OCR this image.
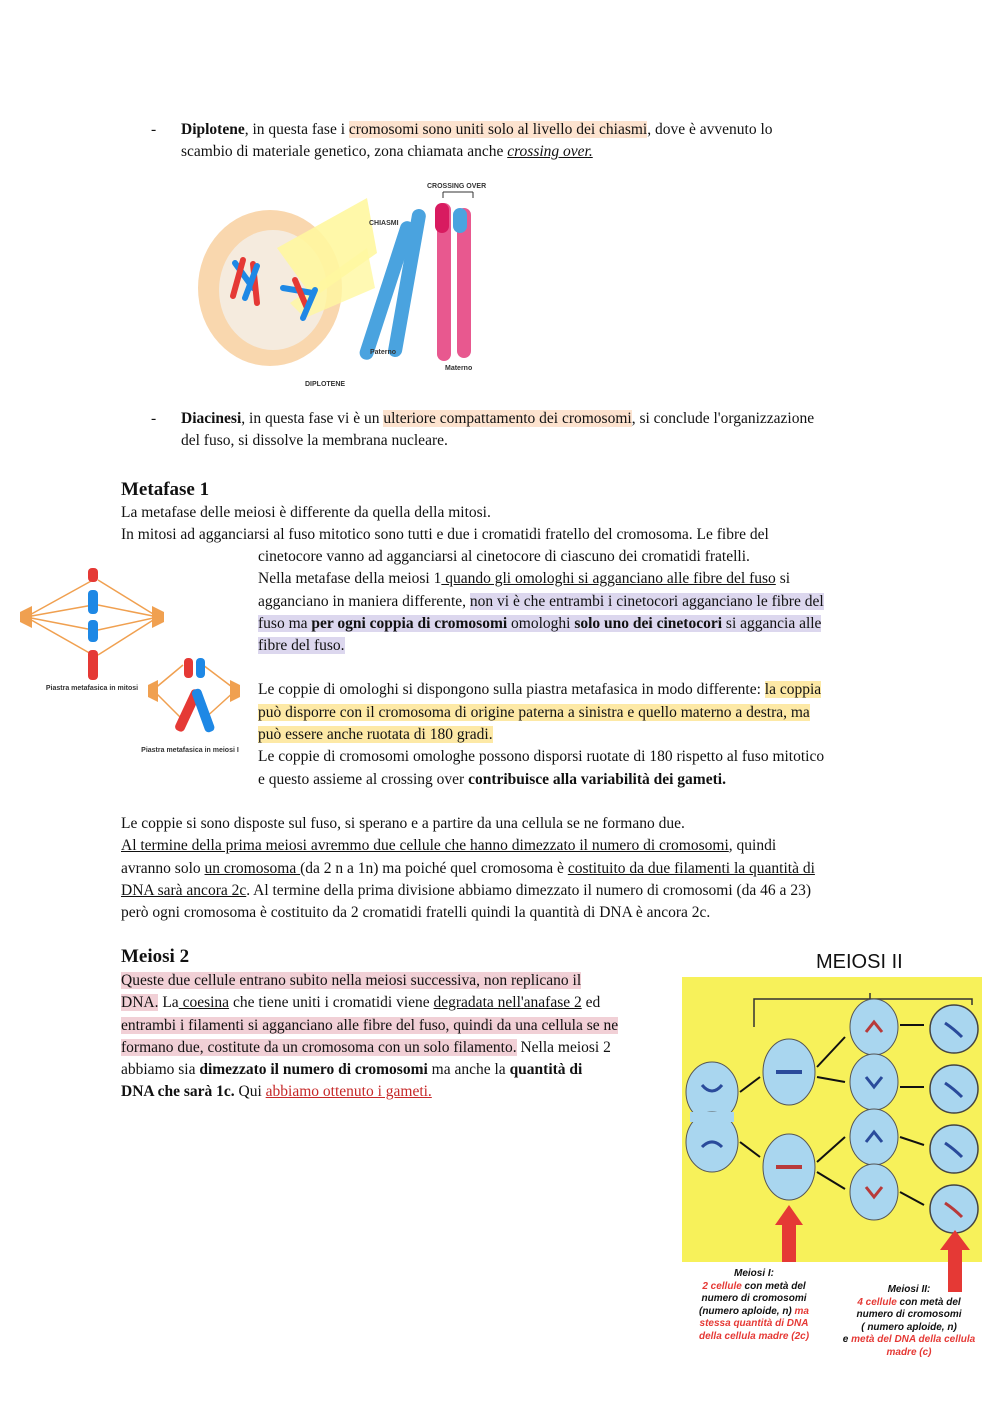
- Diplotene, in questa fase i cromosomi sono uniti solo al livello dei chiasmi, dove è avvenuto lo
scambio di materiale genetico, zona chiamata anche crossing over.
DIPLOTENE
CROSSING OVER
CHIASMI
Paterno
Materno
- Diacinesi, in questa fase vi è un ulteriore compattamento dei cromosomi, si conclude l'organizzazione
del fuso, si dissolve la membrana nucleare.
Metafase 1
La metafase delle meiosi è differente da quella della mitosi.
In mitosi ad agganciarsi al fuso mitotico sono tutti e due i cromatidi fratello del cromosoma. Le fibre del
cinetocore vanno ad agganciarsi al cinetocore di ciascuno dei cromatidi fratelli.
Nella metafase della meiosi 1 quando gli omologhi si agganciano alle fibre del fuso si
agganciano in maniera differente, non vi è che entrambi i cinetocori agganciano le fibre del
fuso ma per ogni coppia di cromosomi omologhi solo uno dei cinetocori si aggancia alle
fibre del fuso.
Le coppie di omologhi si dispongono sulla piastra metafasica in modo differente: la coppia
può disporre con il cromosoma di origine paterna a sinistra e quello materno a destra, ma
può essere anche ruotata di 180 gradi.
Le coppie di cromosomi omologhe possono disporsi ruotate di 180 rispetto al fuso mitotico
e questo assieme al crossing over contribuisce alla variabilità dei gameti.
Piastra metafasica in mitosi
Piastra metafasica in meiosi I
Le coppie si sono disposte sul fuso, si sperano e a partire da una cellula se ne formano due.
Al termine della prima meiosi avremmo due cellule che hanno dimezzato il numero di cromosomi, quindi
avranno solo un cromosoma (da 2 n a 1n) ma poiché quel cromosoma è costituito da due filamenti la quantità di
DNA sarà ancora 2c. Al termine della prima divisione abbiamo dimezzato il numero di cromosomi (da 46 a 23)
però ogni cromosoma è costituito da 2 cromatidi fratelli quindi la quantità di DNA è ancora 2c.
Meiosi 2
Queste due cellule entrano subito nella meiosi successiva, non replicano il
DNA. La coesina che tiene uniti i cromatidi viene degradata nell'anafase 2 ed
entrambi i filamenti si agganciano alle fibre del fuso, quindi da una cellula se ne
formano due, costitute da un cromosoma con un solo filamento. Nella meiosi 2
abbiamo sia dimezzato il numero di cromosomi ma anche la quantità di
DNA che sarà 1c. Qui abbiamo ottenuto i gameti.
MEIOSI II
Meiosi I:
2 cellule con metà del
numero di cromosomi
(numero aploide, n) ma
stessa quantità di DNA
della cellula madre (2c)
Meiosi II:
4 cellule con metà del
numero di cromosomi
( numero aploide, n)
e metà del DNA della cellula
madre (c)
